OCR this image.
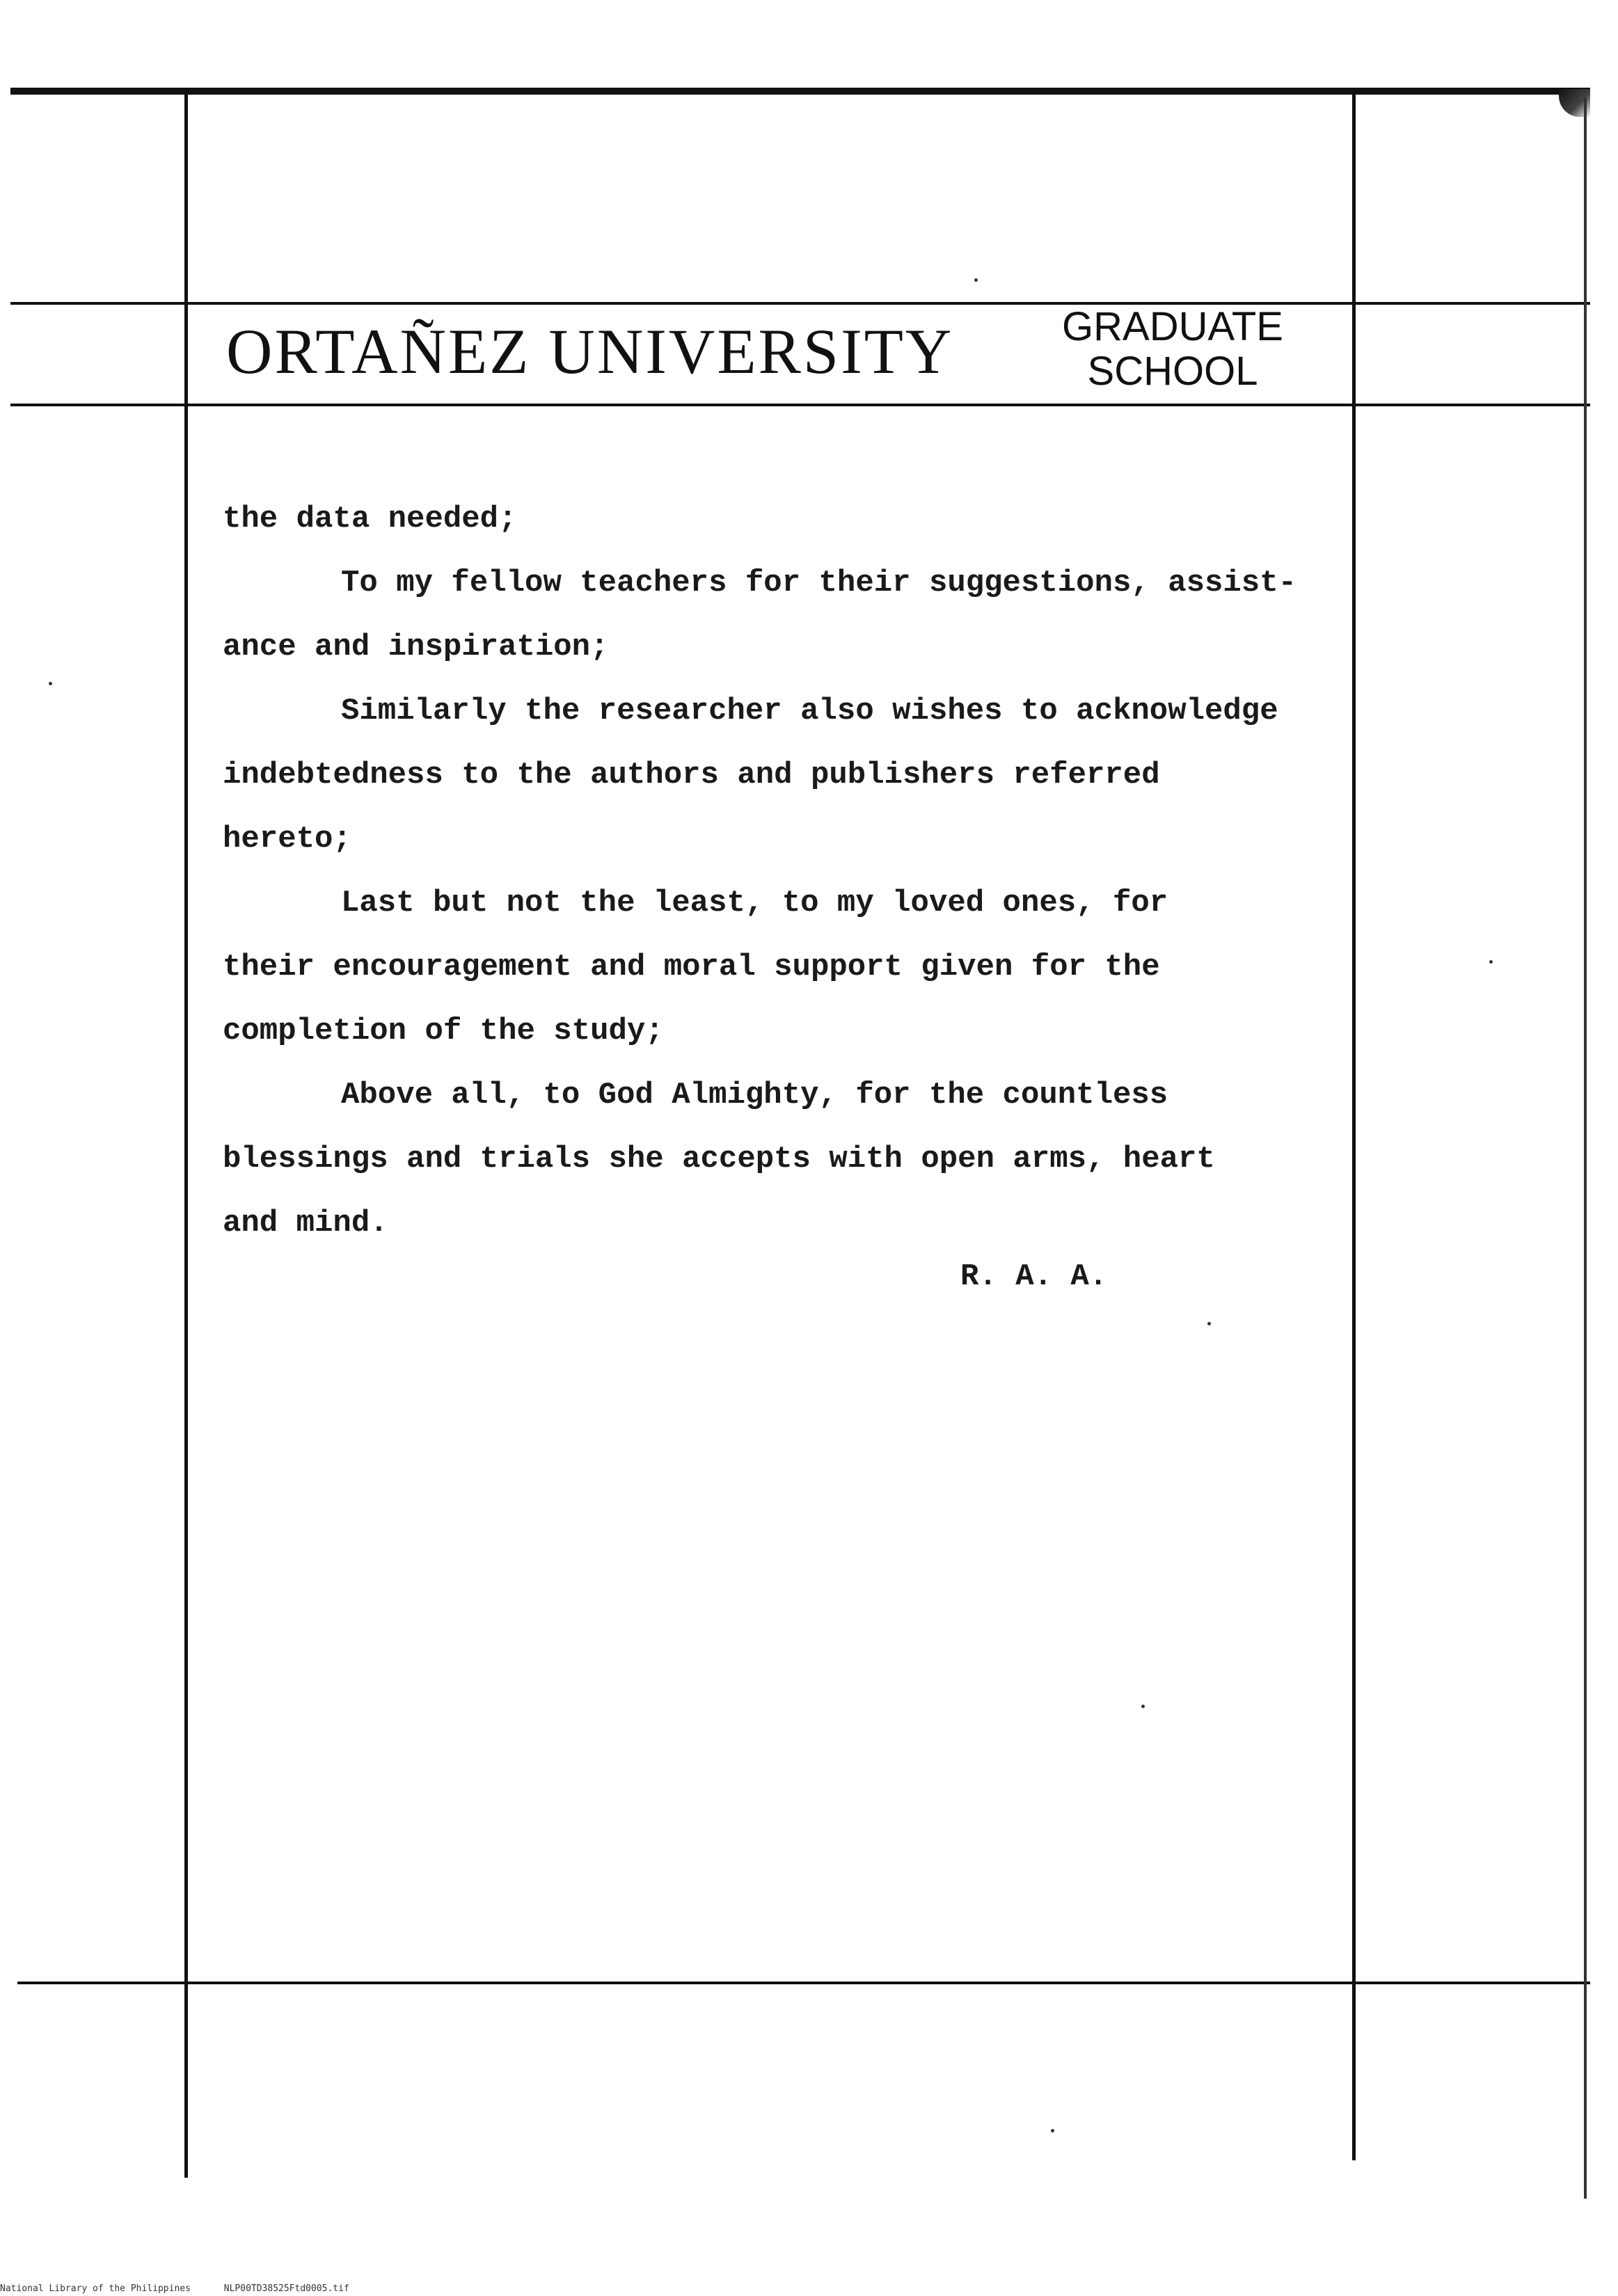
ORTAÑEZ UNIVERSITY	GRADUATE
SCHOOL
the data needed;
To my fellow teachers for their suggestions, assist-
ance and inspiration;
Similarly the researcher also wishes to acknowledge
indebtedness to the authors and publishers referred
hereto;
Last but not the least, to my loved ones, for
their encouragement and moral support given for the
completion of the study;
Above all, to God Almighty, for the countless
blessings and trials she accepts with open arms, heart
and mind.
R. A. A.
National Library of the Philippines	NLP00TD38525Ftd0005.tif
